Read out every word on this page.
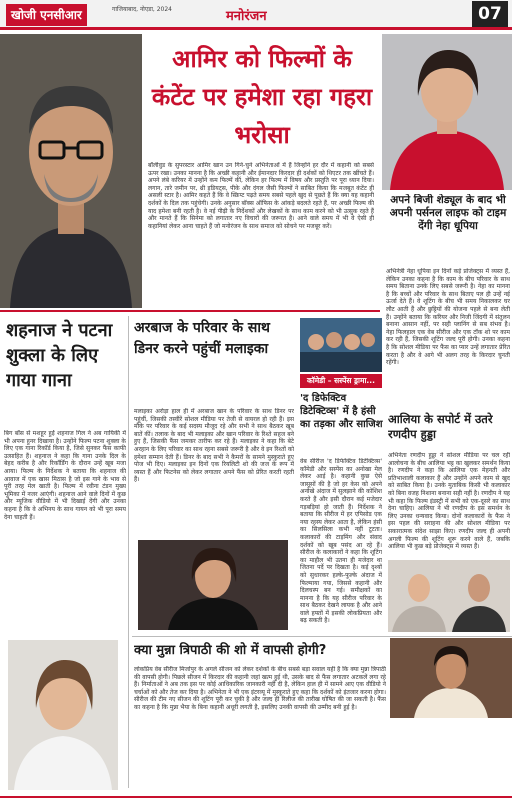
खोजी एनसीआर	गाजियाबाद, नोएडा, 2024	मनोरंजन	07
आमिर को फिल्मों के कंटेंट पर हमेशा रहा गहरा भरोसा
बॉलीवुड के सुपरस्टार आमिर खान उन गिने-चुने अभिनेताओं में हैं जिन्होंने हर दौर में कहानी को सबसे ऊपर रखा। उनका मानना है कि अच्छी कहानी और ईमानदार किरदार ही दर्शकों को थिएटर तक खींचते हैं। अपने लंबे करियर में उन्होंने कम फिल्में कीं, लेकिन हर फिल्म में विषय और प्रस्तुति पर पूरा ध्यान दिया। लगान, तारे जमीन पर, थ्री इडियट्स, पीके और दंगल जैसी फिल्मों ने साबित किया कि मजबूत कंटेंट ही असली स्टार है। आमिर कहते हैं कि वे स्क्रिप्ट पढ़ते समय सबसे पहले खुद से पूछते हैं कि क्या यह कहानी दर्शकों के दिल तक पहुंचेगी। उनके अनुसार बॉक्स ऑफिस के आंकड़े बदलते रहते हैं, पर अच्छी फिल्म की याद हमेशा बनी रहती है। वे नई पीढ़ी के निर्देशकों और लेखकों के साथ काम करने को भी उत्सुक रहते हैं और मानते हैं कि सिनेमा को लगातार नए विचारों की जरूरत है। आने वाले समय में भी वे ऐसी ही कहानियां लेकर आना चाहते हैं जो मनोरंजन के साथ समाज को सोचने पर मजबूर करें।
अपने बिजी शेड्यूल के बाद भी अपनी पर्सनल लाइफ को टाइम देंगी नेहा धूपिया
अभिनेत्री नेहा धूपिया इन दिनों कई प्रोजेक्ट्स में व्यस्त हैं, लेकिन उनका कहना है कि काम के बीच परिवार के साथ समय बिताना उनके लिए सबसे जरूरी है। नेहा का मानना है कि बच्चों और परिवार के साथ बिताए पल ही उन्हें नई ऊर्जा देते हैं। वे शूटिंग के बीच भी समय निकालकर घर लौट आती हैं और छुट्टियों की योजना पहले से बना लेती हैं। उन्होंने बताया कि करियर और निजी जिंदगी में संतुलन बनाना आसान नहीं, पर सही प्लानिंग से सब संभव है। नेहा फिलहाल एक वेब सीरीज और एक टॉक शो पर काम कर रही हैं, जिसकी शूटिंग जल्द पूरी होगी। उनका कहना है कि सोशल मीडिया पर फैंस का प्यार उन्हें लगातार प्रेरित करता है और वे आगे भी अलग तरह के किरदार चुनती रहेंगी।
शहनाज ने पटना शुक्ला के लिए गाया गाना
बिग बॉस से मशहूर हुईं शहनाज गिल ने अब गायिकी में भी अपना हुनर दिखाया है। उन्होंने फिल्म पटना शुक्ला के लिए एक गाना रिकॉर्ड किया है, जिसे सुनकर फैंस काफी उत्साहित हैं। शहनाज ने कहा कि गाना उनके दिल के बेहद करीब है और रिकॉर्डिंग के दौरान उन्हें खूब मजा आया। फिल्म के निर्देशक ने बताया कि शहनाज की आवाज में एक खास मिठास है जो इस गाने के भाव से पूरी तरह मेल खाती है। फिल्म में रवीना टंडन मुख्य भूमिका में नजर आएंगी। शहनाज आने वाले दिनों में कुछ और म्यूजिक वीडियो में भी दिखाई देंगी और उनका कहना है कि वे अभिनय के साथ गायन को भी पूरा समय देना चाहती हैं।
अरबाज के परिवार के साथ डिनर करने पहुंचीं मलाइका
मलाइका अरोड़ा हाल ही में अरबाज खान के परिवार के साथ डिनर पर पहुंचीं, जिसकी तस्वीरें सोशल मीडिया पर तेजी से वायरल हो रही हैं। इस मौके पर परिवार के कई सदस्य मौजूद रहे और सभी ने साथ बैठकर खूब बातें कीं। तलाक के बाद भी मलाइका और खान परिवार के रिश्ते सहज बने हुए हैं, जिसकी फैंस जमकर तारीफ कर रहे हैं। मलाइका ने कहा कि बेटे अरहान के लिए परिवार का साथ रहना सबसे जरूरी है और वे इन रिश्तों को हमेशा सम्मान देती हैं। डिनर के बाद सभी ने कैमरों के सामने मुस्कुराते हुए पोज भी दिए। मलाइका इन दिनों एक रियलिटी शो की जज के रूप में व्यस्त हैं और फिटनेस को लेकर लगातार अपने फैंस को प्रेरित करती रहती हैं।
कॉमेडी – सस्पेंस ड्रामा...
'द डिफेक्टिव डिटेक्टिव्स' में है हंसी का तड़का और साजिश
वेब सीरीज 'द डिफेक्टिव डिटेक्टिव्स' कॉमेडी और सस्पेंस का अनोखा मेल लेकर आई है। कहानी कुछ ऐसे जासूसों की है जो हर केस को अपने अनोखे अंदाज में सुलझाने की कोशिश करते हैं और इसी दौरान कई मजेदार गड़बड़ियां हो जाती हैं। निर्देशक ने बताया कि सीरीज में हर एपिसोड एक नया रहस्य लेकर आता है, लेकिन हंसी का सिलसिला कभी नहीं टूटता। कलाकारों की टाइमिंग और संवाद दर्शकों को खूब पसंद आ रहे हैं। सीरीज के कलाकारों ने कहा कि शूटिंग का माहौल भी उतना ही मजेदार था जितना पर्दे पर दिखता है। कई दृश्यों को सुधारकर हल्के-फुल्के अंदाज में फिल्माया गया, जिससे कहानी और दिलचस्प बन गई। समीक्षकों का मानना है कि यह सीरीज परिवार के साथ बैठकर देखने लायक है और आने वाले हफ्तों में इसकी लोकप्रियता और बढ़ सकती है।
आलिया के सपोर्ट में उतरे रणदीप हुड्डा
अभिनेता रणदीप हुड्डा ने सोशल मीडिया पर चल रही आलोचना के बीच आलिया भट्ट का खुलकर समर्थन किया है। रणदीप ने कहा कि आलिया एक मेहनती और प्रतिभाशाली कलाकार हैं और उन्होंने अपने काम से खुद को साबित किया है। उनके मुताबिक किसी भी कलाकार को बिना वजह निशाना बनाना सही नहीं है। रणदीप ने यह भी कहा कि फिल्म इंडस्ट्री में सभी को एक-दूसरे का साथ देना चाहिए। आलिया ने भी रणदीप के इस समर्थन के लिए उनका धन्यवाद किया। दोनों कलाकारों के फैंस ने इस पहल की सराहना की और सोशल मीडिया पर सकारात्मक संदेश साझा किए। रणदीप जल्द ही अपनी अगली फिल्म की शूटिंग शुरू करने वाले हैं, जबकि आलिया भी कुछ बड़े प्रोजेक्ट्स में व्यस्त हैं।
क्या मुन्ना त्रिपाठी की शो में वापसी होगी?
लोकप्रिय वेब सीरीज मिर्जापुर के अगले सीजन को लेकर दर्शकों के बीच सबसे बड़ा सवाल यही है कि क्या मुन्ना त्रिपाठी की वापसी होगी। पिछले सीजन में किरदार की कहानी जहां खत्म हुई थी, उसके बाद से फैंस लगातार अटकलें लगा रहे हैं। निर्माताओं ने अब तक इस पर कोई आधिकारिक जानकारी नहीं दी है, लेकिन हाल ही में सामने आए एक वीडियो ने चर्चाओं को और तेज कर दिया है। अभिनेता ने भी एक इंटरव्यू में मुस्कुराते हुए कहा कि दर्शकों को इंतजार करना होगा। सीरीज की टीम नए सीजन की शूटिंग पूरी कर चुकी है और जल्द ही रिलीज की तारीख घोषित की जा सकती है। फैंस का कहना है कि मुन्ना भैया के बिना कहानी अधूरी लगती है, इसलिए उनकी वापसी की उम्मीद बनी हुई है।
